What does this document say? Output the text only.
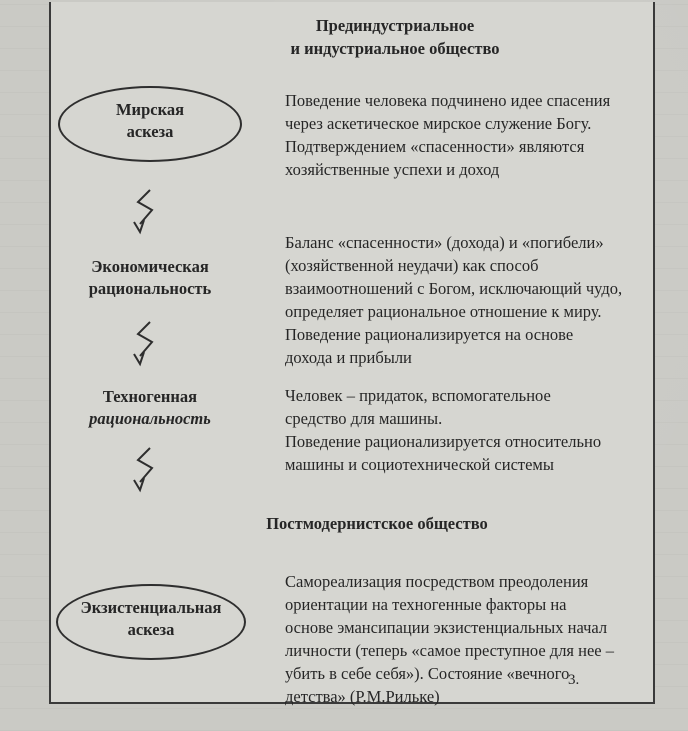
Прединдустриальное
и индустриальное общество

Мирская
аскеза

Поведение человека подчинено идее спасения
через аскетическое мирское служение Богу.
Подтверждением «спасенности» являются
хозяйственные успехи и доход

Экономическая
рациональность

Баланс «спасенности» (дохода) и «погибели»
(хозяйственной неудачи) как способ
взаимоотношений с Богом, исключающий чудо,
определяет рациональное отношение к миру.
Поведение рационализируется на основе
дохода и прибыли

Техногенная
рациональность

Человек – придаток, вспомогательное
средство для машины.
Поведение рационализируется относительно
машины и социотехнической системы

Постмодернистское общество

Экзистенциальная
аскеза

Самореализация посредством преодоления
ориентации на техногенные факторы на
основе эмансипации экзистенциальных начал
личности (теперь «самое преступное для нее –
убить в себе себя»). Состояние «вечного
детства» (Р.М.Рильке)

3.
